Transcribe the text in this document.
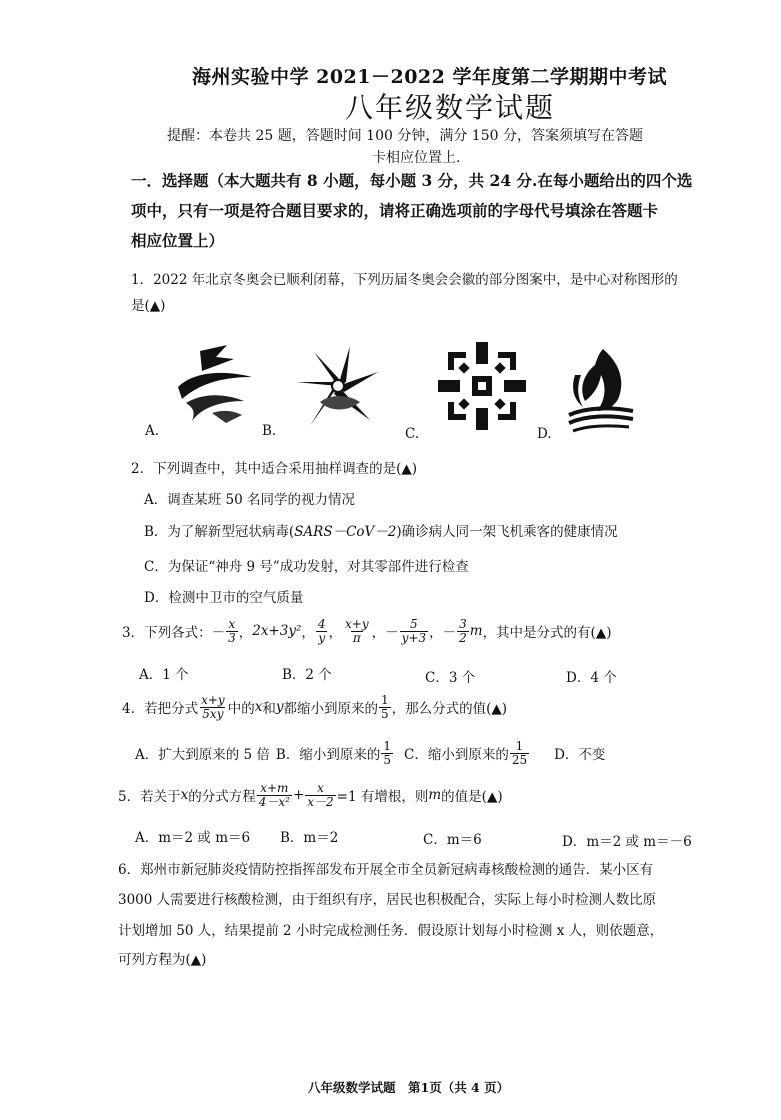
海州实验中学 2021－2022 学年度第二学期期中考试
八年级数学试题
提醒：本卷共 25 题，答题时间 100 分钟，满分 150 分，答案须填写在答题
卡相应位置上.
一．选择题（本大题共有 8 小题，每小题 3 分，共 24 分.在每小题给出的四个选
项中，只有一项是符合题目要求的，请将正确选项前的字母代号填涂在答题卡
相应位置上）
1．2022 年北京冬奥会已顺利闭幕，下列历届冬奥会会徽的部分图案中，是中心对称图形的
是(▲)
A.	B.	C.	D.
2．下列调查中，其中适合采用抽样调查的是(▲)
A．调查某班 50 名同学的视力情况
B．为了解新型冠状病毒(SARS－CoV－2)确诊病人同一架飞机乘客的健康情况
C．为保证“神舟 9 号”成功发射，对其零部件进行检查
D．检测中卫市的空气质量
3．下列各式： － $\frac{x}{3}$ ， 2x+3y² ， $\frac{4}{y}$ ， $\frac{x+y}{\pi}$ ，－ $\frac{5}{y+3}$ ，－ $\frac{3}{2}$ m ，其中是分式的有(▲)
A．1 个	B．2 个	C．3 个	D．4 个
4．若把分式 $\frac{x+y}{5xy}$ 中的 x 和 y 都缩小到原来的 $\frac{1}{5}$ ，那么分式的值(▲)
A．扩大到原来的 5 倍 B．缩小到原来的 $\frac{1}{5}$ C．缩小到原来的 $\frac{1}{25}$ D．不变
5．若关于 x 的分式方程 $\frac{x+m}{\text{4－x²}} + \frac{x}{x-2} =1$ 有增根，则 m 的值是(▲)
A．m＝2 或 m＝6 B．m＝2	C．m＝6	D．m＝2 或 m＝－6
6．郑州市新冠肺炎疫情防控指挥部发布开展全市全员新冠病毒核酸检测的通告．某小区有
3000 人需要进行核酸检测，由于组织有序，居民也积极配合，实际上每小时检测人数比原
计划增加 50 人，结果提前 2 小时完成检测任务．假设原计划每小时检测 x 人，则依题意，
可列方程为(▲)
八年级数学试题　第1页（共 4 页）
